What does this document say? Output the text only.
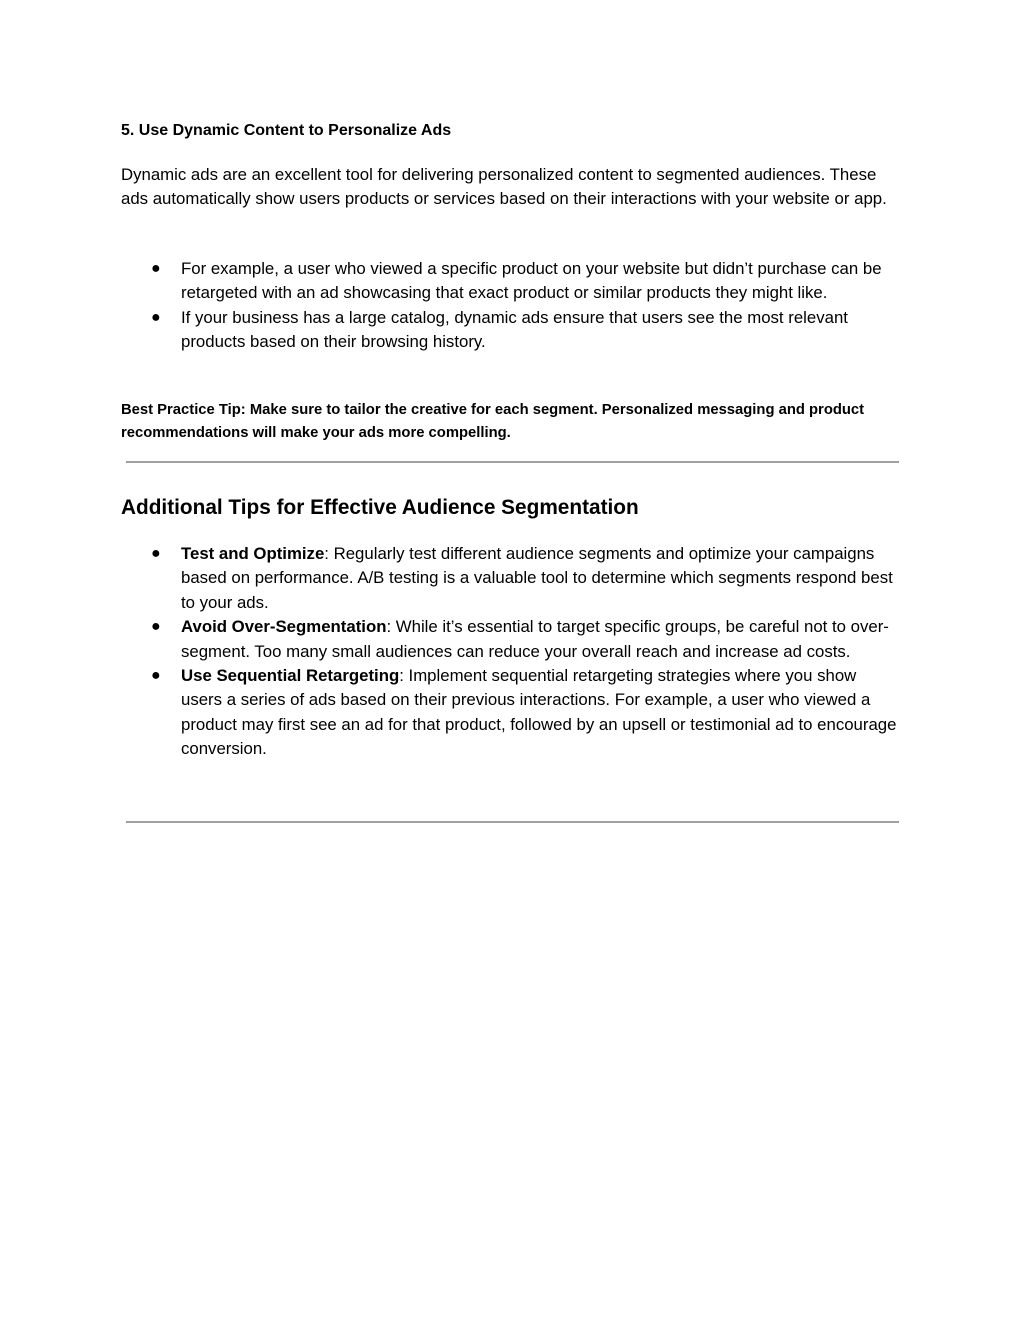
5. Use Dynamic Content to Personalize Ads

Dynamic ads are an excellent tool for delivering personalized content to segmented audiences. These ads automatically show users products or services based on their interactions with your website or app.

● For example, a user who viewed a specific product on your website but didn’t purchase can be retargeted with an ad showcasing that exact product or similar products they might like.
● If your business has a large catalog, dynamic ads ensure that users see the most relevant products based on their browsing history.

Best Practice Tip: Make sure to tailor the creative for each segment. Personalized messaging and product recommendations will make your ads more compelling.

Additional Tips for Effective Audience Segmentation
● Test and Optimize: Regularly test different audience segments and optimize your campaigns based on performance. A/B testing is a valuable tool to determine which segments respond best to your ads.
● Avoid Over-Segmentation: While it’s essential to target specific groups, be careful not to over-segment. Too many small audiences can reduce your overall reach and increase ad costs.
● Use Sequential Retargeting: Implement sequential retargeting strategies where you show users a series of ads based on their previous interactions. For example, a user who viewed a product may first see an ad for that product, followed by an upsell or testimonial ad to encourage conversion.
